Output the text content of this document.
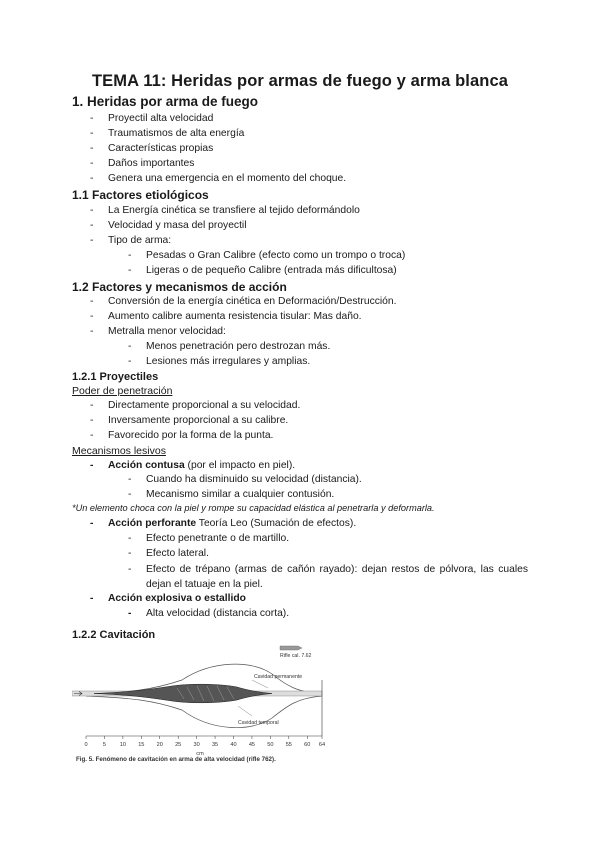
TEMA 11: Heridas por armas de fuego y arma blanca
1. Heridas por arma de fuego
- Proyectil alta velocidad
- Traumatismos de alta energía
- Características propias
- Daños importantes
- Genera una emergencia en el momento del choque.
1.1 Factores etiológicos
- La Energía cinética se transfiere al tejido deformándolo
- Velocidad y masa del proyectil
- Tipo de arma:
- Pesadas o Gran Calibre (efecto como un trompo o troca)
- Ligeras o de pequeño Calibre (entrada más dificultosa)
1.2 Factores y mecanismos de acción
- Conversión de la energía cinética en Deformación/Destrucción.
- Aumento calibre aumenta resistencia tisular: Mas daño.
- Metralla menor velocidad:
- Menos penetración pero destrozan más.
- Lesiones más irregulares y amplias.
1.2.1 Proyectiles
Poder de penetración
- Directamente proporcional a su velocidad.
- Inversamente proporcional a su calibre.
- Favorecido por la forma de la punta.
Mecanismos lesivos
- Acción contusa (por el impacto en piel).
- Cuando ha disminuido su velocidad (distancia).
- Mecanismo similar a cualquier contusión.
*Un elemento choca con la piel y rompe su capacidad elástica al penetrarla y deformarla.
- Acción perforante Teoría Leo (Sumación de efectos).
- Efecto penetrante o de martillo.
- Efecto lateral.
- Efecto de trépano (armas de cañón rayado): dejan restos de pólvora, las cuales dejan el tatuaje en la piel.
- Acción explosiva o estallido
- Alta velocidad (distancia corta).
1.2.2 Cavitación
0	5 10 15 20 25 30 35 40 45 50 55 60 64
Rifle cal. 7.62
Cavidad permanente
Cavidad temporal
cm
Fig. 5. Fenómeno de cavitación en arma de alta velocidad (rifle 762).
